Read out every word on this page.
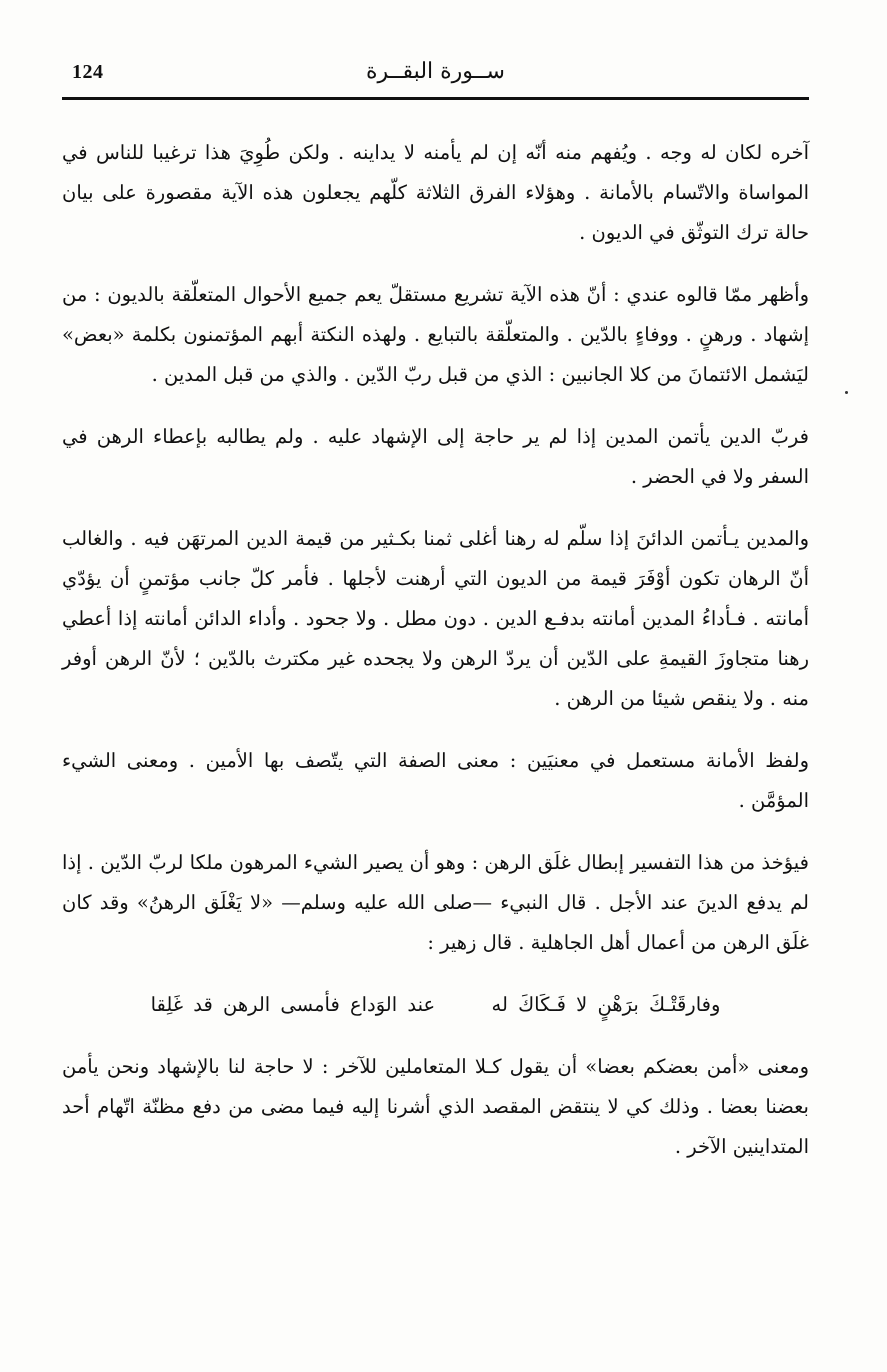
124	ســورة البقــرة

آخره لكان له وجه . ويُفهم منه أنّه إن لم يأمنه لا يداينه . ولكن طُوِيَ هذا ترغيبا للناس في المواساة والاتّسام بالأمانة . وهؤلاء الفرق الثلاثة كلّهم يجعلون هذه الآية مقصورة على بيان حالة ترك التوثّق في الديون .

وأظهر ممّا قالوه عندي : أنّ هذه الآية تشريع مستقلّ يعم جميع الأحوال المتعلّقة بالديون : من إشهاد . ورهنٍ . ووفاءٍ بالدّين . والمتعلّقة بالتبايع . ولهذه النكتة أبهم المؤتمنون بكلمة «بعض» ليَشمل الائتمانَ من كلا الجانبين : الذي من قبل ربّ الدّين . والذي من قبل المدين .

فربّ الدين يأتمن المدين إذا لم ير حاجة إلى الإشهاد عليه . ولم يطالبه بإعطاء الرهن في السفر ولا في الحضر .

والمدين يـأتمن الدائنَ إذا سلّم له رهنا أغلى ثمنا بكـثير من قيمة الدين المرتهَن فيه . والغالب أنّ الرهان تكون أوْفَرَ قيمة من الديون التي أرهنت لأجلها . فأمر كلّ جانب مؤتمنٍ أن يؤدّي أمانته . فـأداءُ المدين أمانته بدفـع الدين . دون مطل . ولا جحود . وأداء الدائن أمانته إذا أعطي رهنا متجاوزَ القيمةِ على الدّين أن يردّ الرهن ولا يجحده غير مكترث بالدّين ؛ لأنّ الرهن أوفر منه . ولا ينقص شيئا من الرهن .

ولفظ الأمانة مستعمل في معنيَين : معنى الصفة التي يتّصف بها الأمين . ومعنى الشيء المؤمَّن .

فيؤخذ من هذا التفسير إبطال غلَق الرهن : وهو أن يصير الشيء المرهون ملكا لربّ الدّين . إذا لم يدفع الدينَ عند الأجل . قال النبيء —صلى الله عليه وسلم— «لا يَغْلَق الرهنُ» وقد كان غلَق الرهن من أعمال أهل الجاهلية . قال زهير :

وفارقَتْـكَ برَهْنٍ لا فَـكَاكَ له  عند الوَداع فأمسى الرهن قد غَلِقا

ومعنى «أمن بعضكم بعضا» أن يقول كـلا المتعاملين للآخر : لا حاجة لنا بالإشهاد ونحن يأمن بعضنا بعضا . وذلك كي لا ينتقض المقصد الذي أشرنا إليه فيما مضى من دفع مظنّة اتّهام أحد المتداينين الآخر .
